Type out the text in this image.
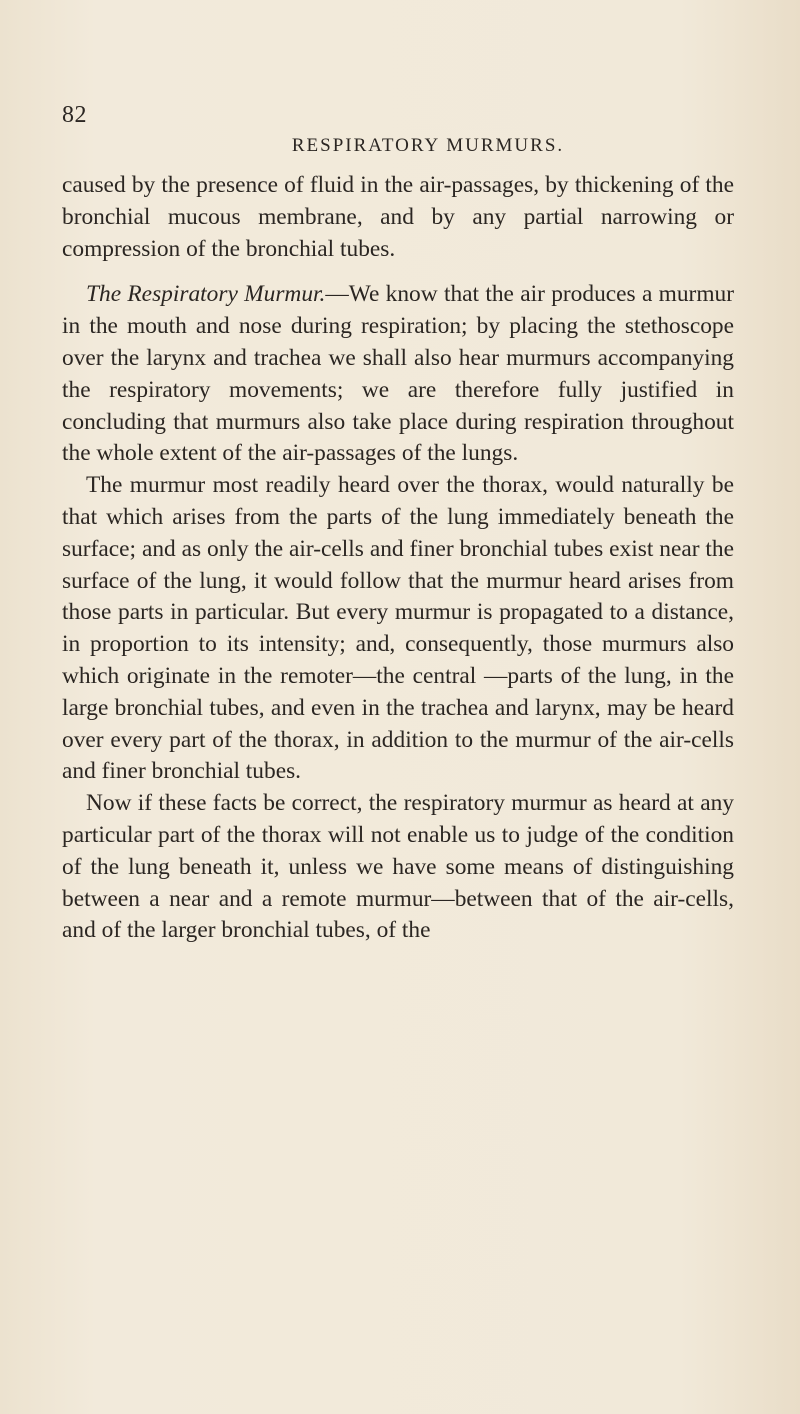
82
RESPIRATORY MURMURS.

caused by the presence of fluid in the air-passages, by thickening of the bronchial mucous membrane, and by any partial narrowing or compression of the bronchial tubes.

The Respiratory Murmur.—We know that the air produces a murmur in the mouth and nose during respiration; by placing the stethoscope over the larynx and trachea we shall also hear murmurs accompanying the respiratory movements; we are therefore fully justified in concluding that murmurs also take place during respiration throughout the whole extent of the air-passages of the lungs.

The murmur most readily heard over the thorax, would naturally be that which arises from the parts of the lung immediately beneath the surface; and as only the air-cells and finer bronchial tubes exist near the surface of the lung, it would follow that the murmur heard arises from those parts in particular. But every murmur is propagated to a distance, in proportion to its intensity; and, consequently, those murmurs also which originate in the remoter—the central —parts of the lung, in the large bronchial tubes, and even in the trachea and larynx, may be heard over every part of the thorax, in addition to the murmur of the air-cells and finer bronchial tubes.

Now if these facts be correct, the respiratory murmur as heard at any particular part of the thorax will not enable us to judge of the condition of the lung beneath it, unless we have some means of distinguishing between a near and a remote murmur—between that of the air-cells, and of the larger bronchial tubes, of the
